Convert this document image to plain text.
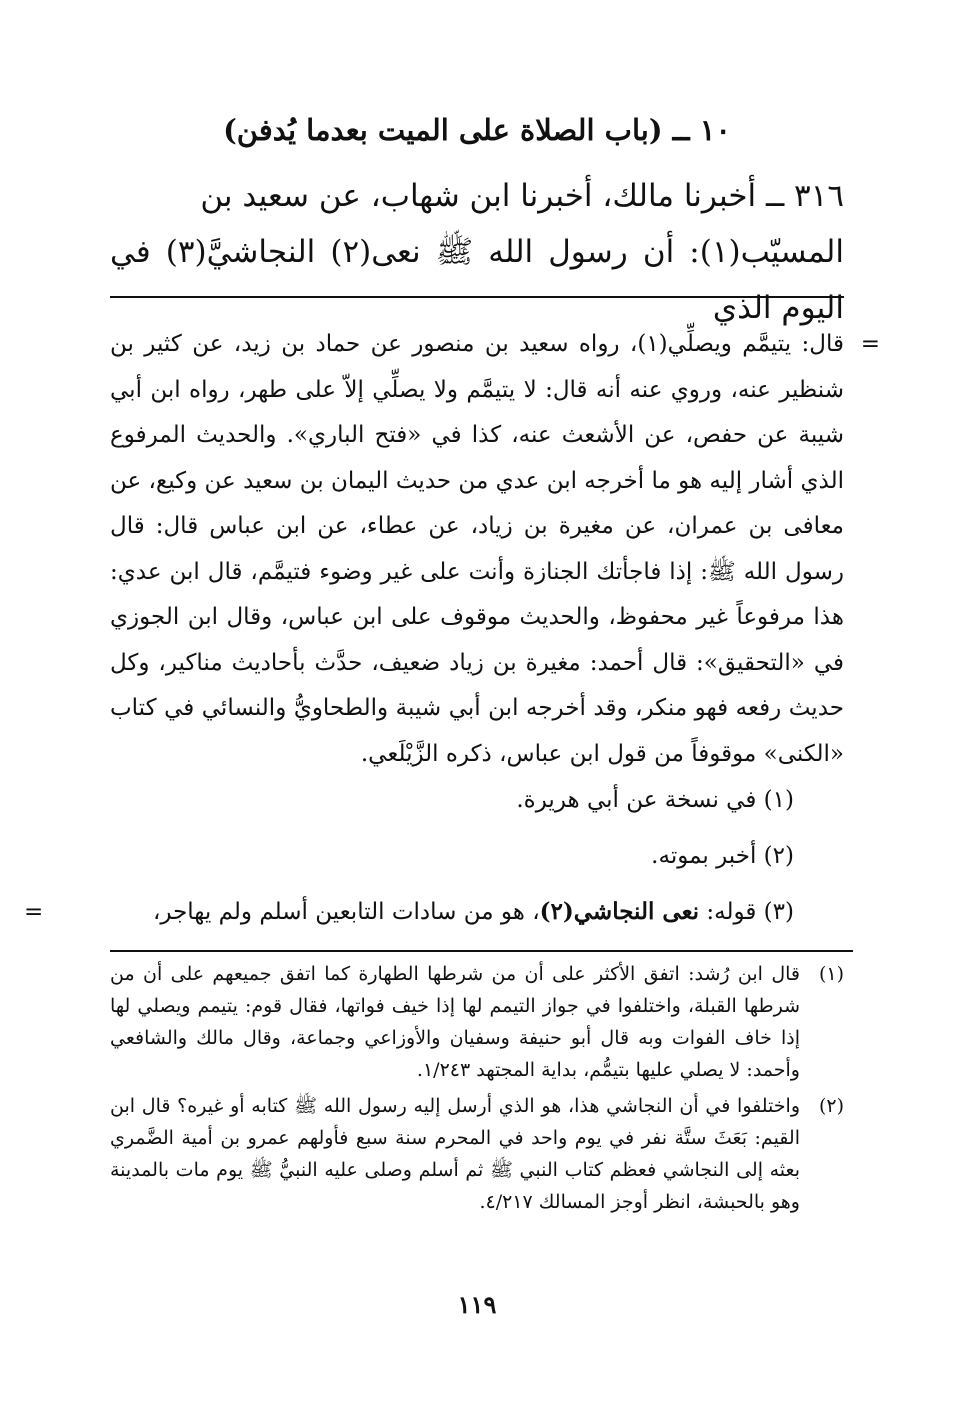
١٠ ــ (باب الصلاة على الميت بعدما يُدفن)

٣١٦ ــ أخبرنا مالك، أخبرنا ابن شهاب، عن سعيد بن

المسيّب(١): أن رسول الله ﷺ نعى(٢) النجاشيَّ(٣) في اليوم الذي

=
قال: يتيمَّم ويصلِّي(١)، رواه سعيد بن منصور عن حماد بن زيد، عن كثير بن شنظير عنه، وروي عنه أنه قال: لا يتيمَّم ولا يصلِّي إلاّ على طهر، رواه ابن أبي شيبة عن حفص، عن الأشعث عنه، كذا في «فتح الباري». والحديث المرفوع الذي أشار إليه هو ما أخرجه ابن عدي من حديث اليمان بن سعيد عن وكيع، عن معافى بن عمران، عن مغيرة بن زياد، عن عطاء، عن ابن عباس قال: قال رسول الله ﷺ: إذا فاجأتك الجنازة وأنت على غير وضوء فتيمَّم، قال ابن عدي: هذا مرفوعاً غير محفوظ، والحديث موقوف على ابن عباس، وقال ابن الجوزي في «التحقيق»: قال أحمد: مغيرة بن زياد ضعيف، حدَّث بأحاديث مناكير، وكل حديث رفعه فهو منكر، وقد أخرجه ابن أبي شيبة والطحاويُّ والنسائي في كتاب «الكنى» موقوفاً من قول ابن عباس، ذكره الزَّيْلَعي.
(١) في نسخة عن أبي هريرة.
(٢) أخبر بموته.
(٣) قوله: نعى النجاشي(٢)، هو من سادات التابعين أسلم ولم يهاجر،
=
(١)
قال ابن رُشد: اتفق الأكثر على أن من شرطها الطهارة كما اتفق جميعهم على أن من شرطها القبلة، واختلفوا في جواز التيمم لها إذا خيف فواتها، فقال قوم: يتيمم ويصلي لها إذا خاف الفوات وبه قال أبو حنيفة وسفيان والأوزاعي وجماعة، وقال مالك والشافعي وأحمد: لا يصلي عليها بتيمُّم، بداية المجتهد ١/٢٤٣.
(٢)
واختلفوا في أن النجاشي هذا، هو الذي أرسل إليه رسول الله ﷺ كتابه أو غيره؟ قال ابن القيم: بَعَثَ ستَّة نفر في يوم واحد في المحرم سنة سبع فأولهم عمرو بن أمية الضَّمري بعثه إلى النجاشي فعظم كتاب النبي ﷺ ثم أسلم وصلى عليه النبيُّ ﷺ يوم مات بالمدينة وهو بالحبشة، انظر أوجز المسالك ٤/٢١٧.
١١٩
